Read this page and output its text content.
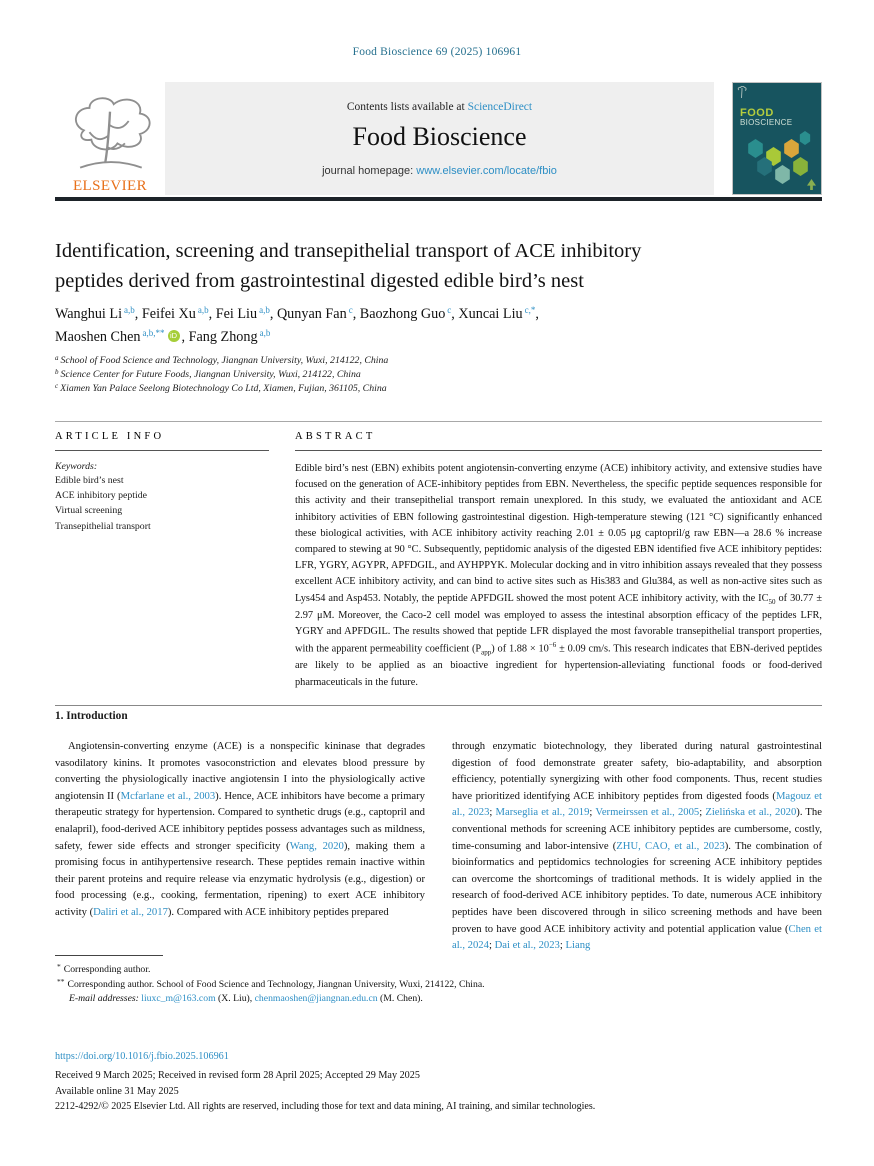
Food Bioscience 69 (2025) 106961
ELSEVIER
Contents lists available at ScienceDirect
Food Bioscience
journal homepage: www.elsevier.com/locate/fbio
FOOD
BIOSCIENCE
Identification, screening and transepithelial transport of ACE inhibitory
peptides derived from gastrointestinal digested edible bird’s nest
Wanghui Li $^{a,b}$, Feifei Xu $^{a,b}$, Fei Liu $^{a,b}$, Qunyan Fan $^c$, Baozhong Guo $^c$, Xuncai Liu $^{c,*}$,
Maoshen Chen $^{a,b,**}$ iD , Fang Zhong $^{a,b}$
$^a$ School of Food Science and Technology, Jiangnan University, Wuxi, 214122, China
$^b$ Science Center for Future Foods, Jiangnan University, Wuxi, 214122, China
$^c$ Xiamen Yan Palace Seelong Biotechnology Co Ltd, Xiamen, Fujian, 361105, China
ARTICLE INFO
Keywords:
Edible bird’s nest
ACE inhibitory peptide
Virtual screening
Transepithelial transport
ABSTRACT

Edible bird’s nest (EBN) exhibits potent angiotensin-converting enzyme (ACE) inhibitory activity, and extensive studies have focused on the generation of ACE-inhibitory peptides from EBN. Nevertheless, the specific peptide sequences responsible for this activity and their transepithelial transport remain unexplored. In this study, we evaluated the antioxidant and ACE inhibitory activities of EBN following gastrointestinal digestion. High-temperature stewing (121 °C) significantly enhanced these biological activities, with ACE inhibitory activity reaching 2.01 ± 0.05 μg captopril/g raw EBN—a 28.6 % increase compared to stewing at 90 °C. Subsequently, peptidomic analysis of the digested EBN identified five ACE inhibitory peptides: LFR, YGRY, AGYPR, APFDGIL, and AYHPPYK. Molecular docking and in vitro inhibition assays revealed that they possess excellent ACE inhibitory activity, and can bind to active sites such as His383 and Glu384, as well as non-active sites such as Lys454 and Asp453. Notably, the peptide APFDGIL showed the most potent ACE inhibitory activity, with the $IC_{50}$ of 30.77 ± 2.97 μM. Moreover, the Caco-2 cell model was employed to assess the intestinal absorption efficacy of the peptides LFR, YGRY and APFDGIL. The results showed that peptide LFR displayed the most favorable transepithelial transport properties, with the apparent permeability coefficient $(P_{app})$ of $1.88 \times 10^{-6} \pm 0.09$ cm/s. This research indicates that EBN-derived peptides are likely to be applied as an bioactive ingredient for hypertension-alleviating functional foods or food-derived pharmaceuticals in the future.

1. Introduction

Angiotensin-converting enzyme (ACE) is a nonspecific kininase that degrades vasodilatory kinins. It promotes vasoconstriction and elevates blood pressure by converting the physiologically inactive angiotensin I into the physiologically active angiotensin II (Mcfarlane et al., 2003). Hence, ACE inhibitors have become a primary therapeutic strategy for hypertension. Compared to synthetic drugs (e.g., captopril and enalapril), food-derived ACE inhibitory peptides possess advantages such as mildness, safety, fewer side effects and stronger specificity (Wang, 2020), making them a promising focus in antihypertensive research. These peptides remain inactive within their parent proteins and require release via enzymatic hydrolysis (e.g., digestion) or food processing (e.g., cooking, fermentation, ripening) to exert ACE inhibitory activity (Daliri et al., 2017). Compared with ACE inhibitory peptides prepared

through enzymatic biotechnology, they liberated during natural gastrointestinal digestion of food demonstrate greater safety, bio-adaptability, and absorption efficiency, potentially synergizing with other food components. Thus, recent studies have prioritized identifying ACE inhibitory peptides from digested foods (Magouz et al., 2023; Marseglia et al., 2019; Vermeirssen et al., 2005; Zielińska et al., 2020). The conventional methods for screening ACE inhibitory peptides are cumbersome, costly, time-consuming and labor-intensive (ZHU, CAO, et al., 2023). The combination of bioinformatics and peptidomics technologies for screening ACE inhibitory peptides can overcome the shortcomings of traditional methods. It is widely applied in the research of food-derived ACE inhibitory peptides. To date, numerous ACE inhibitory peptides have been discovered through in silico screening methods and have been proven to have good ACE inhibitory activity and potential application value (Chen et al., 2024; Dai et al., 2023; Liang

* Corresponding author.
** Corresponding author. School of Food Science and Technology, Jiangnan University, Wuxi, 214122, China.
E-mail addresses: liuxc_m@163.com (X. Liu), chenmaoshen@jiangnan.edu.cn (M. Chen).
https://doi.org/10.1016/j.fbio.2025.106961
Received 9 March 2025; Received in revised form 28 April 2025; Accepted 29 May 2025
Available online 31 May 2025
2212-4292/© 2025 Elsevier Ltd. All rights are reserved, including those for text and data mining, AI training, and similar technologies.
